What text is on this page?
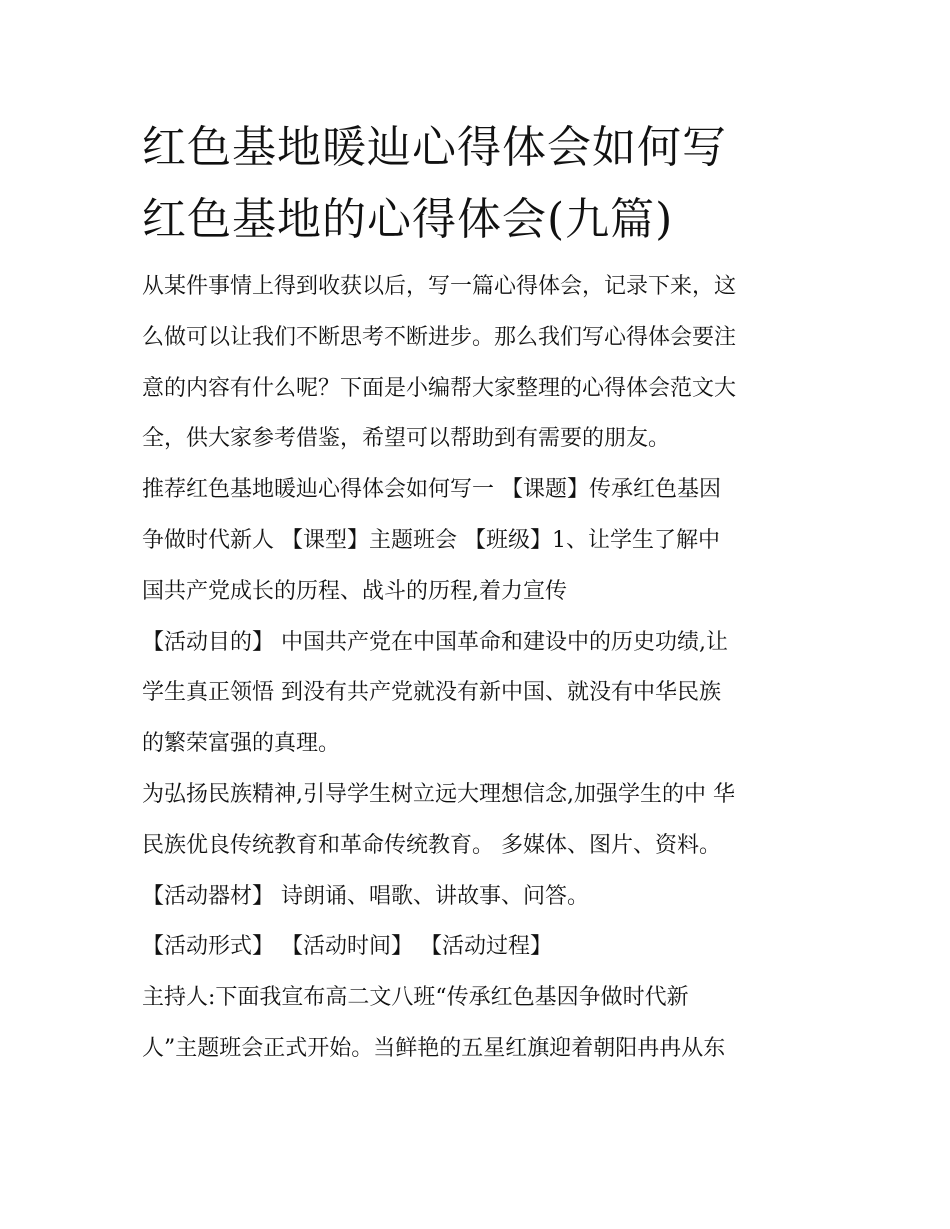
红色基地暖辿心得体会如何写
红色基地的心得体会(九篇)
从某件事情上得到收获以后，写一篇心得体会，记录下来，这
么做可以让我们不断思考不断进步。那么我们写心得体会要注
意的内容有什么呢？下面是小编帮大家整理的心得体会范文大
全，供大家参考借鉴，希望可以帮助到有需要的朋友。
推荐红色基地暖辿心得体会如何写一 【课题】传承红色基因
争做时代新人 【课型】主题班会 【班级】1、让学生了解中
国共产党成长的历程、战斗的历程,着力宣传
【活动目的】 中国共产党在中国革命和建设中的历史功绩,让
学生真正领悟 到没有共产党就没有新中国、就没有中华民族
的繁荣富强的真理。
为弘扬民族精神,引导学生树立远大理想信念,加强学生的中 华
民族优良传统教育和革命传统教育。 多媒体、图片、资料。
【活动器材】 诗朗诵、唱歌、讲故事、问答。
【活动形式】 【活动时间】 【活动过程】
主持人:下面我宣布高二文八班“传承红色基因争做时代新
人”主题班会正式开始。当鲜艳的五星红旗迎着朝阳冉冉从东
